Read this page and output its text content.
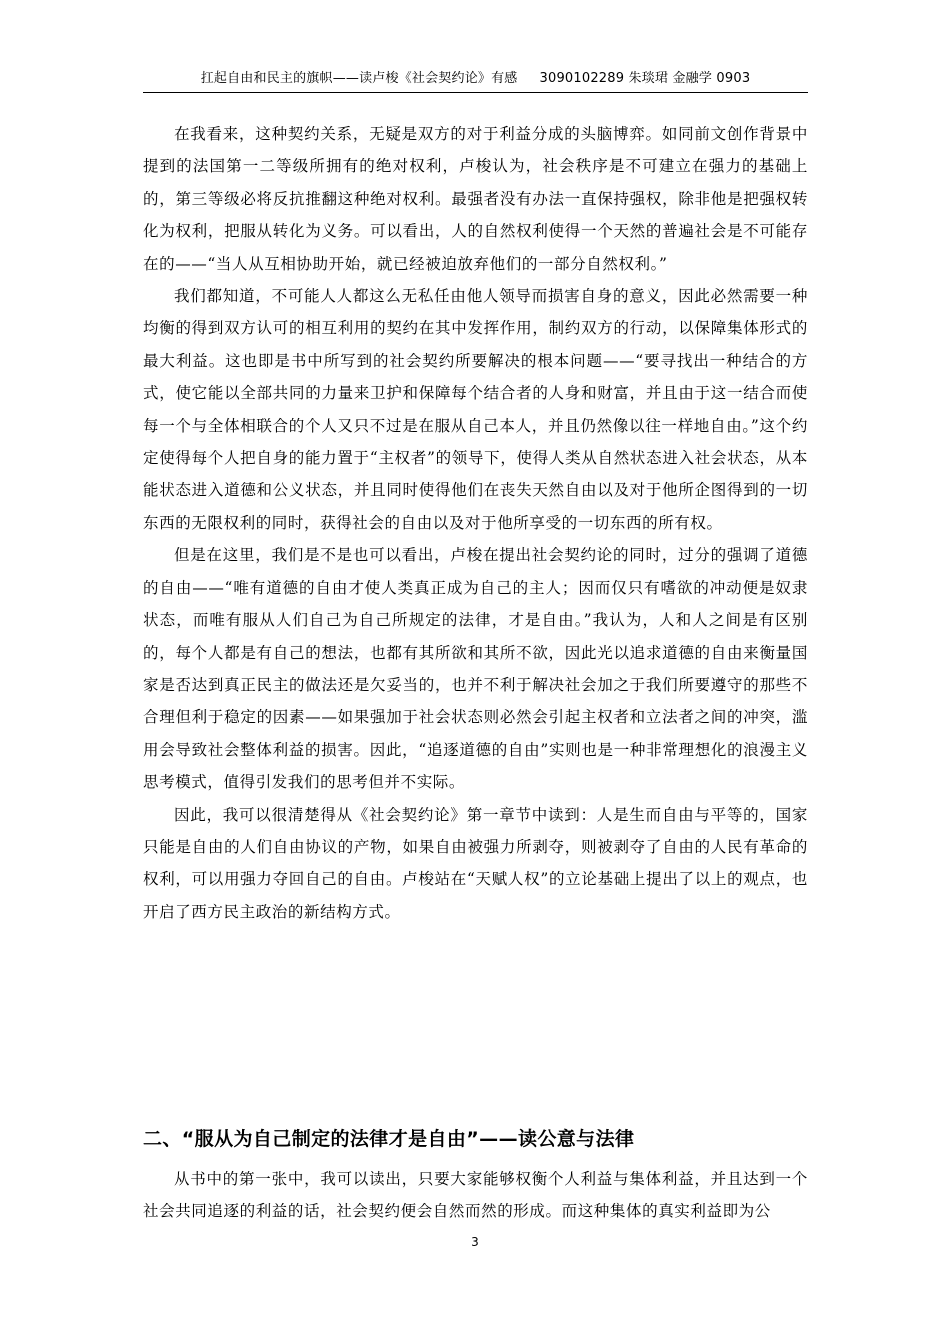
扛起自由和民主的旗帜——读卢梭《社会契约论》有感 3090102289 朱琰珺 金融学 0903

在我看来，这种契约关系，无疑是双方的对于利益分成的头脑博弈。如同前文创作背景中提到的法国第一二等级所拥有的绝对权利，卢梭认为，社会秩序是不可建立在强力的基础上的，第三等级必将反抗推翻这种绝对权利。最强者没有办法一直保持强权，除非他是把强权转化为权利，把服从转化为义务。可以看出，人的自然权利使得一个天然的普遍社会是不可能存在的——“当人从互相协助开始，就已经被迫放弃他们的一部分自然权利。”

我们都知道，不可能人人都这么无私任由他人领导而损害自身的意义，因此必然需要一种均衡的得到双方认可的相互利用的契约在其中发挥作用，制约双方的行动，以保障集体形式的最大利益。这也即是书中所写到的社会契约所要解决的根本问题——“要寻找出一种结合的方式，使它能以全部共同的力量来卫护和保障每个结合者的人身和财富，并且由于这一结合而使每一个与全体相联合的个人又只不过是在服从自己本人，并且仍然像以往一样地自由。”这个约定使得每个人把自身的能力置于“主权者”的领导下，使得人类从自然状态进入社会状态，从本能状态进入道德和公义状态，并且同时使得他们在丧失天然自由以及对于他所企图得到的一切东西的无限权利的同时，获得社会的自由以及对于他所享受的一切东西的所有权。

但是在这里，我们是不是也可以看出，卢梭在提出社会契约论的同时，过分的强调了道德的自由——“唯有道德的自由才使人类真正成为自己的主人；因而仅只有嗜欲的冲动便是奴隶状态，而唯有服从人们自己为自己所规定的法律，才是自由。”我认为，人和人之间是有区别的，每个人都是有自己的想法，也都有其所欲和其所不欲，因此光以追求道德的自由来衡量国家是否达到真正民主的做法还是欠妥当的，也并不利于解决社会加之于我们所要遵守的那些不合理但利于稳定的因素——如果强加于社会状态则必然会引起主权者和立法者之间的冲突，滥用会导致社会整体利益的损害。因此，“追逐道德的自由”实则也是一种非常理想化的浪漫主义思考模式，值得引发我们的思考但并不实际。

因此，我可以很清楚得从《社会契约论》第一章节中读到：人是生而自由与平等的，国家只能是自由的人们自由协议的产物，如果自由被强力所剥夺，则被剥夺了自由的人民有革命的权利，可以用强力夺回自己的自由。卢梭站在“天赋人权”的立论基础上提出了以上的观点，也开启了西方民主政治的新结构方式。

二、“服从为自己制定的法律才是自由”——读公意与法律

从书中的第一张中，我可以读出，只要大家能够权衡个人利益与集体利益，并且达到一个社会共同追逐的利益的话，社会契约便会自然而然的形成。而这种集体的真实利益即为公

3
